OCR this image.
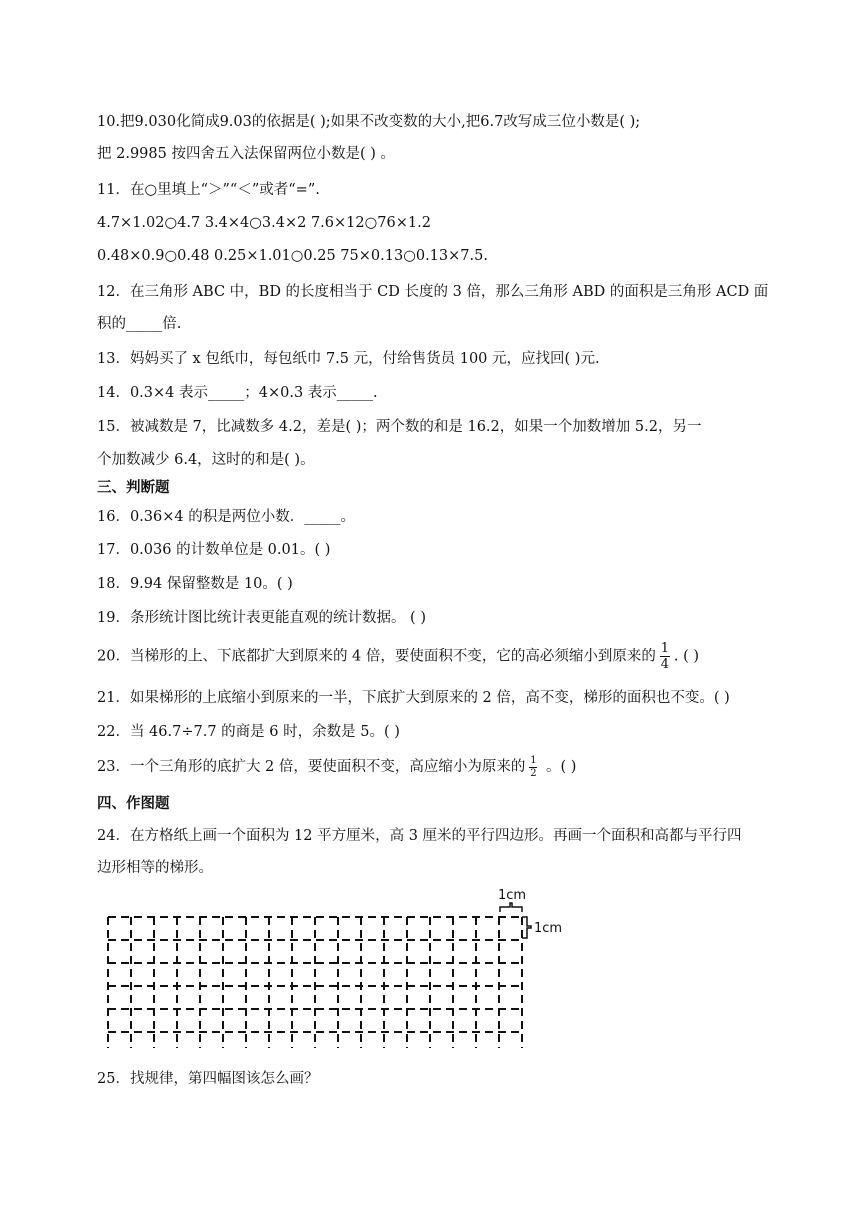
10.把9.030化简成9.03的依据是( );如果不改变数的大小,把6.7改写成三位小数是( );
把 2.9985 按四舍五入法保留两位小数是( ) 。
11．在○里填上“＞”“＜”或者“=”.
4.7×1.02○4.7 3.4×4○3.4×2 7.6×12○76×1.2
0.48×0.9○0.48 0.25×1.01○0.25 75×0.13○0.13×7.5.
12．在三角形 ABC 中，BD 的长度相当于 CD 长度的 3 倍，那么三角形 ABD 的面积是三角形 ACD 面
积的_____倍.
13．妈妈买了 x 包纸巾，每包纸巾 7.5 元，付给售货员 100 元，应找回( )元.
14．0.3×4 表示_____；4×0.3 表示_____.
15．被减数是 7，比减数多 4.2，差是( )；两个数的和是 16.2，如果一个加数增加 5.2，另一
个加数减少 6.4，这时的和是( )。
三、判断题
16．0.36×4 的积是两位小数．_____。
17．0.036 的计数单位是 0.01。( )
18．9.94 保留整数是 10。( )
19．条形统计图比统计表更能直观的统计数据。 ( )
20．当梯形的上、下底都扩大到原来的 4 倍，要使面积不变，它的高必须缩小到原来的 $\frac{1}{4}$ . ( )
21．如果梯形的上底缩小到原来的一半，下底扩大到原来的 2 倍，高不变，梯形的面积也不变。( )
22．当 46.7÷7.7 的商是 6 时，余数是 5。( )
23．一个三角形的底扩大 2 倍，要使面积不变，高应缩小为原来的 $\frac{1}{2}$ 。( )
四、作图题
24．在方格纸上画一个面积为 12 平方厘米，高 3 厘米的平行四边形。再画一个面积和高都与平行四
边形相等的梯形。
1cm
1cm
25．找规律，第四幅图该怎么画？
